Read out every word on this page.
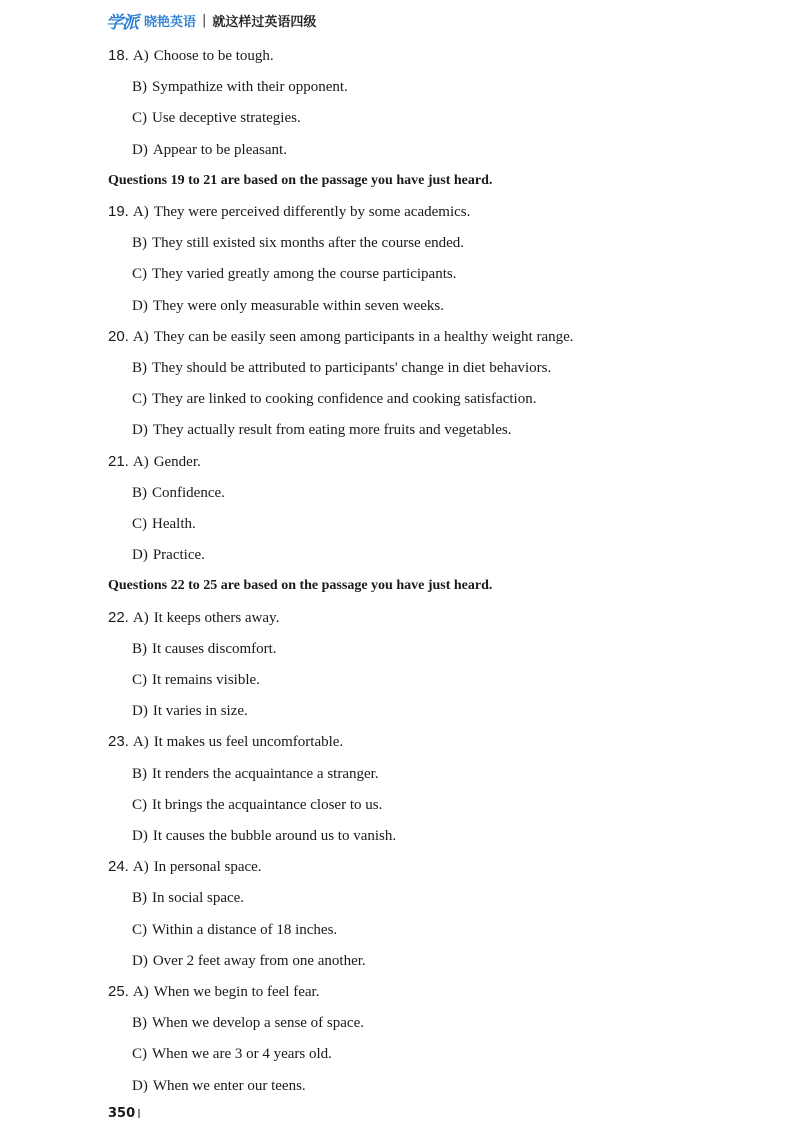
学派 晓艳英语 | 就这样过英语四级
18. A) Choose to be tough.
B) Sympathize with their opponent.
C) Use deceptive strategies.
D) Appear to be pleasant.
Questions 19 to 21 are based on the passage you have just heard.
19. A) They were perceived differently by some academics.
B) They still existed six months after the course ended.
C) They varied greatly among the course participants.
D) They were only measurable within seven weeks.
20. A) They can be easily seen among participants in a healthy weight range.
B) They should be attributed to participants' change in diet behaviors.
C) They are linked to cooking confidence and cooking satisfaction.
D) They actually result from eating more fruits and vegetables.
21. A) Gender.
B) Confidence.
C) Health.
D) Practice.
Questions 22 to 25 are based on the passage you have just heard.
22. A) It keeps others away.
B) It causes discomfort.
C) It remains visible.
D) It varies in size.
23. A) It makes us feel uncomfortable.
B) It renders the acquaintance a stranger.
C) It brings the acquaintance closer to us.
D) It causes the bubble around us to vanish.
24. A) In personal space.
B) In social space.
C) Within a distance of 18 inches.
D) Over 2 feet away from one another.
25. A) When we begin to feel fear.
B) When we develop a sense of space.
C) When we are 3 or 4 years old.
D) When we enter our teens.
350
